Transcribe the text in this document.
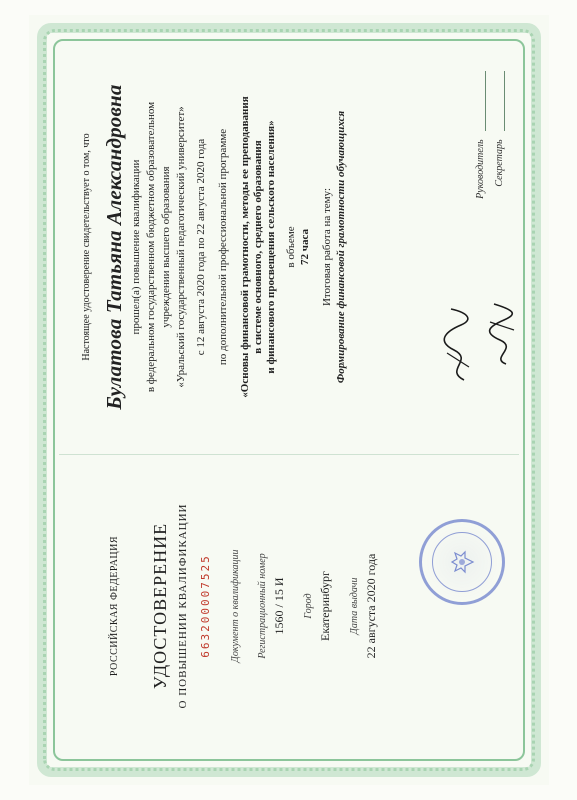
РОССИЙСКАЯ ФЕДЕРАЦИЯ УДОСТОВЕРЕНИЕ О ПОВЫШЕНИИ КВАЛИФИКАЦИИ 663200007525 Документ о квалификации Регистрационный номер 1560 / 15 И Город Екатеринбург Дата выдачи 22 августа 2020 года
Настоящее удостоверение свидетельствует о том, что Булатова Татьяна Александровна прошел(а) повышение квалификации в федеральном государственном бюджетном образовательном учреждении высшего образования «Уральский государственный педагогический университет» с 12 августа 2020 года по 22 августа 2020 года по дополнительной профессиональной программе «Основы финансовой грамотности, методы ее преподавания в системе основного, среднего образования и финансового просвещения сельского населения» в объеме 72 часа Итоговая работа на тему: Формирование финансовой грамотности обучающихся	Руководитель Секретарь
